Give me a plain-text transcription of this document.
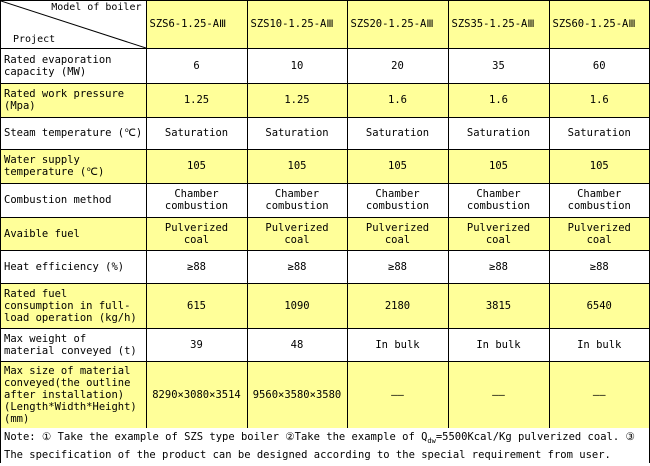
Model of boiler
Project	SZS6-1.25-AⅢ	SZS10-1.25-AⅢ	SZS20-1.25-AⅢ	SZS35-1.25-AⅢ	SZS60-1.25-AⅢ
Rated evaporation capacity (MW)	6	10	20	35	60
Rated work pressure (Mpa)	1.25	1.25	1.6	1.6	1.6
Steam temperature (℃)	Saturation	Saturation	Saturation	Saturation	Saturation
Water supply temperature (℃)	105	105	105	105	105
Combustion method	Chamber combustion	Chamber combustion	Chamber combustion	Chamber combustion	Chamber combustion
Avaible fuel	Pulverized coal	Pulverized coal	Pulverized coal	Pulverized coal	Pulverized coal
Heat efficiency (%)	≥88	≥88	≥88	≥88	≥88
Rated fuel consumption in full-load operation (kg/h)	615	1090	2180	3815	6540
Max weight of material conveyed (t)	39	48	In bulk	In bulk	In bulk
Max size of material conveyed(the outline after installation)(Length*Width*Height) (mm)	8290×3080×3514	9560×3580×3580	——	——	——
Note: ① Take the example of SZS type boiler ②Take the example of $Q_{dw}=5500Kcal/Kg$ pulverized coal. ③ The specification of the product can be designed according to the special requirement from user.
